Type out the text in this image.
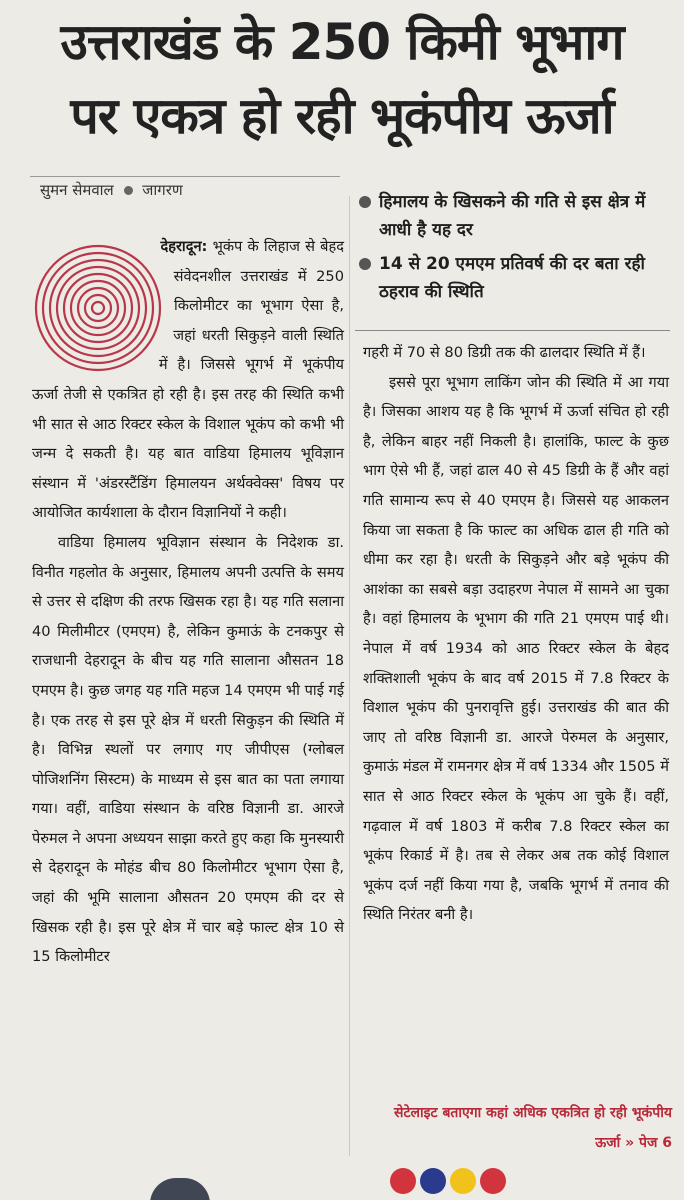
उत्तराखंड के 250 किमी भूभाग
पर एकत्र हो रही भूकंपीय ऊर्जा
सुमन सेमवाल जागरण
हिमालय के खिसकने की गति से इस क्षेत्र में आधी है यह दर
14 से 20 एमएम प्रतिवर्ष की दर बता रही ठहराव की स्थिति

देहरादून: भूकंप के लिहाज से बेहद संवेदनशील उत्तराखंड में 250 किलोमीटर का भूभाग ऐसा है, जहां धरती सिकुड़ने वाली स्थिति में है। जिससे भूगर्भ में भूकंपीय ऊर्जा तेजी से एकत्रित हो रही है। इस तरह की स्थिति कभी भी सात से आठ रिक्टर स्केल के विशाल भूकंप को कभी भी जन्म दे सकती है। यह बात वाडिया हिमालय भूविज्ञान संस्थान में 'अंडरस्टैंडिंग हिमालयन अर्थक्वेक्स' विषय पर आयोजित कार्यशाला के दौरान विज्ञानियों ने कही।

वाडिया हिमालय भूविज्ञान संस्थान के निदेशक डा. विनीत गहलोत के अनुसार, हिमालय अपनी उत्पत्ति के समय से उत्तर से दक्षिण की तरफ खिसक रहा है। यह गति सलाना 40 मिलीमीटर (एमएम) है, लेकिन कुमाऊं के टनकपुर से राजधानी देहरादून के बीच यह गति सालाना औसतन 18 एमएम है। कुछ जगह यह गति महज 14 एमएम भी पाई गई है। एक तरह से इस पूरे क्षेत्र में धरती सिकुड़न की स्थिति में है। विभिन्न स्थलों पर लगाए गए जीपीएस (ग्लोबल पोजिशनिंग सिस्टम) के माध्यम से इस बात का पता लगाया गया। वहीं, वाडिया संस्थान के वरिष्ठ विज्ञानी डा. आरजे पेरुमल ने अपना अध्ययन साझा करते हुए कहा कि मुनस्यारी से देहरादून के मोहंड बीच 80 किलोमीटर भूभाग ऐसा है, जहां की भूमि सालाना औसतन 20 एमएम की दर से खिसक रही है। इस पूरे क्षेत्र में चार बड़े फाल्ट क्षेत्र 10 से 15 किलोमीटर

गहरी में 70 से 80 डिग्री तक की ढालदार स्थिति में हैं।

इससे पूरा भूभाग लाकिंग जोन की स्थिति में आ गया है। जिसका आशय यह है कि भूगर्भ में ऊर्जा संचित हो रही है, लेकिन बाहर नहीं निकली है। हालांकि, फाल्ट के कुछ भाग ऐसे भी हैं, जहां ढाल 40 से 45 डिग्री के हैं और वहां गति सामान्य रूप से 40 एमएम है। जिससे यह आकलन किया जा सकता है कि फाल्ट का अधिक ढाल ही गति को धीमा कर रहा है। धरती के सिकुड़ने और बड़े भूकंप की आशंका का सबसे बड़ा उदाहरण नेपाल में सामने आ चुका है। वहां हिमालय के भूभाग की गति 21 एमएम पाई थी। नेपाल में वर्ष 1934 को आठ रिक्टर स्केल के बेहद शक्तिशाली भूकंप के बाद वर्ष 2015 में 7.8 रिक्टर के विशाल भूकंप की पुनरावृत्ति हुई। उत्तराखंड की बात की जाए तो वरिष्ठ विज्ञानी डा. आरजे पेरुमल के अनुसार, कुमाऊं मंडल में रामनगर क्षेत्र में वर्ष 1334 और 1505 में सात से आठ रिक्टर स्केल के भूकंप आ चुके हैं। वहीं, गढ़वाल में वर्ष 1803 में करीब 7.8 रिक्टर स्केल का भूकंप रिकार्ड में है। तब से लेकर अब तक कोई विशाल भूकंप दर्ज नहीं किया गया है, जबकि भूगर्भ में तनाव की स्थिति निरंतर बनी है।

सेटेलाइट बताएगा कहां अधिक एकत्रित हो रही भूकंपीय ऊर्जा » पेज 6
